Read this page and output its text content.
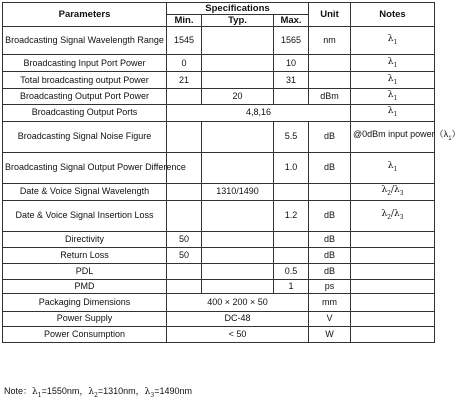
Parameters	Specifications			Unit	Notes
	Min.	Typ.	Max.		
Broadcasting Signal Wavelength Range	1545		1565	nm	$\lambda_1$
Broadcasting Input Port Power	0		10		$\lambda_1$
Total broadcasting output Power	21		31		$\lambda_1$
Broadcasting Output Port Power		20		dBm	$\lambda_1$
Broadcasting Output Ports	4,8,16				$\lambda_1$
Broadcasting Signal Noise Figure			5.5	dB	@0dBm input $power(\lambda_1)$
Broadcasting Signal Output Power Difference			1.0	dB	$\lambda_1$
Date & Voice Signal Wavelength		1310/1490			$\lambda_2/\lambda_3$
Date & Voice Signal Insertion Loss			1.2	dB	$\lambda_2/\lambda_3$
Directivity	50			dB	
Return Loss	50			dB	
PDL			0.5	dB	
PMD			1	ps	
Packaging Dimensions	400 × 200 × 50			mm	
Power Supply	DC-48			V	
Power Consumption	< 50			W	
Note：$\lambda_1=1550nm$，$\lambda_2=1310nm$，$\lambda_3=1490nm$
